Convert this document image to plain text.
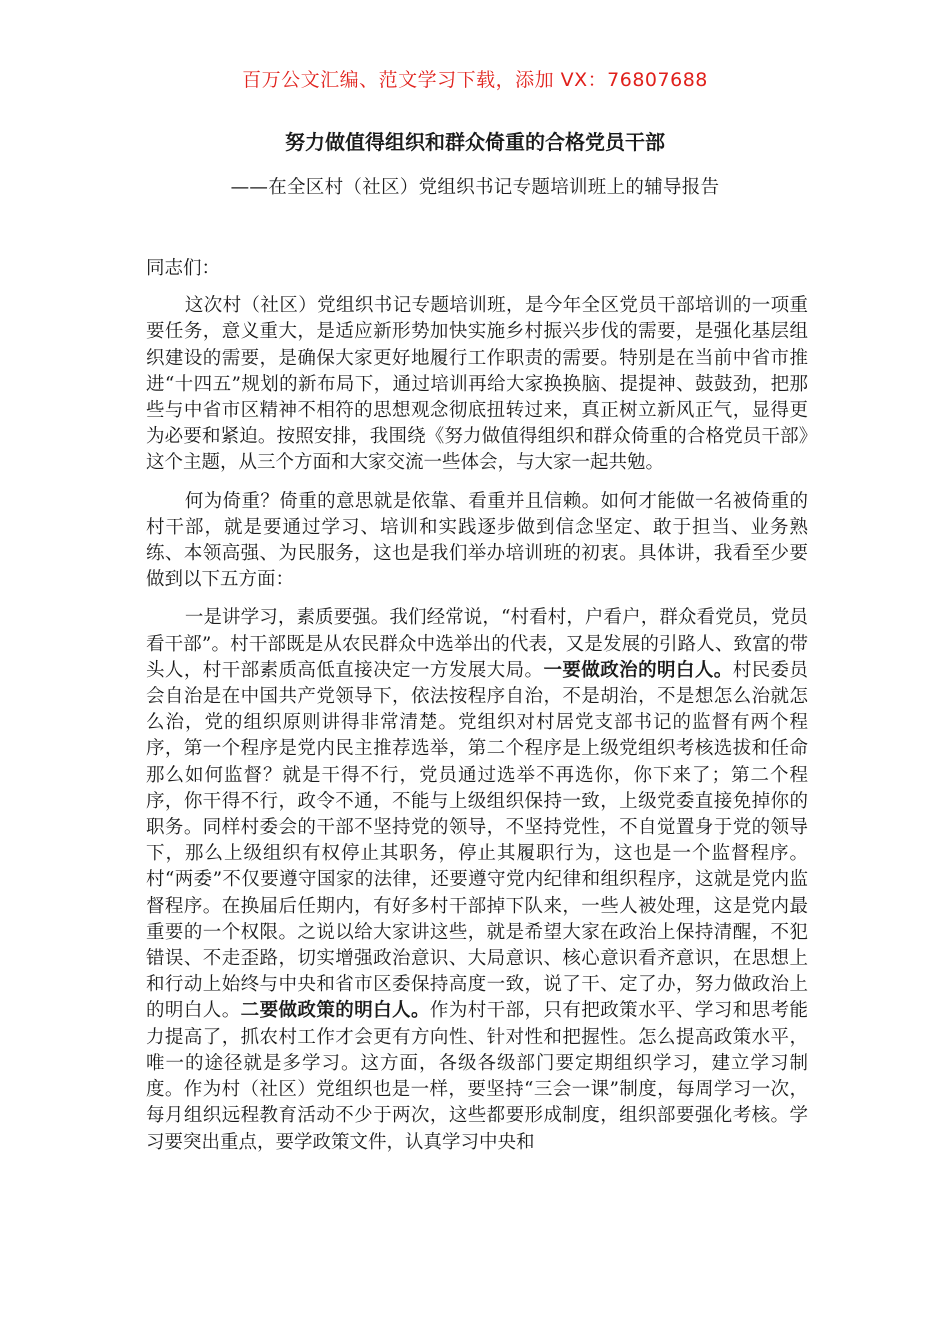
百万公文汇编、范文学习下载，添加 VX：76807688
努力做值得组织和群众倚重的合格党员干部
——在全区村（社区）党组织书记专题培训班上的辅导报告

同志们：

这次村（社区）党组织书记专题培训班，是今年全区党员干部培训的一项重要任务，意义重大，是适应新形势加快实施乡村振兴步伐的需要，是强化基层组织建设的需要，是确保大家更好地履行工作职责的需要。特别是在当前中省市推进“十四五”规划的新布局下，通过培训再给大家换换脑、提提神、鼓鼓劲，把那些与中省市区精神不相符的思想观念彻底扭转过来，真正树立新风正气，显得更为必要和紧迫。按照安排，我围绕《努力做值得组织和群众倚重的合格党员干部》这个主题，从三个方面和大家交流一些体会，与大家一起共勉。

何为倚重？倚重的意思就是依靠、看重并且信赖。如何才能做一名被倚重的村干部，就是要通过学习、培训和实践逐步做到信念坚定、敢于担当、业务熟练、本领高强、为民服务，这也是我们举办培训班的初衷。具体讲，我看至少要做到以下五方面：

一是讲学习，素质要强。我们经常说，“村看村，户看户，群众看党员，党员看干部”。村干部既是从农民群众中选举出的代表，又是发展的引路人、致富的带头人，村干部素质高低直接决定一方发展大局。一要做政治的明白人。村民委员会自治是在中国共产党领导下，依法按程序自治，不是胡治，不是想怎么治就怎么治，党的组织原则讲得非常清楚。党组织对村居党支部书记的监督有两个程序，第一个程序是党内民主推荐选举，第二个程序是上级党组织考核选拔和任命那么如何监督？就是干得不行，党员通过选举不再选你，你下来了；第二个程序，你干得不行，政令不通，不能与上级组织保持一致，上级党委直接免掉你的职务。同样村委会的干部不坚持党的领导，不坚持党性，不自觉置身于党的领导下，那么上级组织有权停止其职务，停止其履职行为，这也是一个监督程序。村“两委”不仅要遵守国家的法律，还要遵守党内纪律和组织程序，这就是党内监督程序。在换届后任期内，有好多村干部掉下队来，一些人被处理，这是党内最重要的一个权限。之说以给大家讲这些，就是希望大家在政治上保持清醒，不犯错误、不走歪路，切实增强政治意识、大局意识、核心意识看齐意识，在思想上和行动上始终与中央和省市区委保持高度一致，说了干、定了办，努力做政治上的明白人。二要做政策的明白人。作为村干部，只有把政策水平、学习和思考能力提高了，抓农村工作才会更有方向性、针对性和把握性。怎么提高政策水平，唯一的途径就是多学习。这方面，各级各级部门要定期组织学习，建立学习制度。作为村（社区）党组织也是一样，要坚持“三会一课”制度，每周学习一次，每月组织远程教育活动不少于两次，这些都要形成制度，组织部要强化考核。学习要突出重点，要学政策文件，认真学习中央和
